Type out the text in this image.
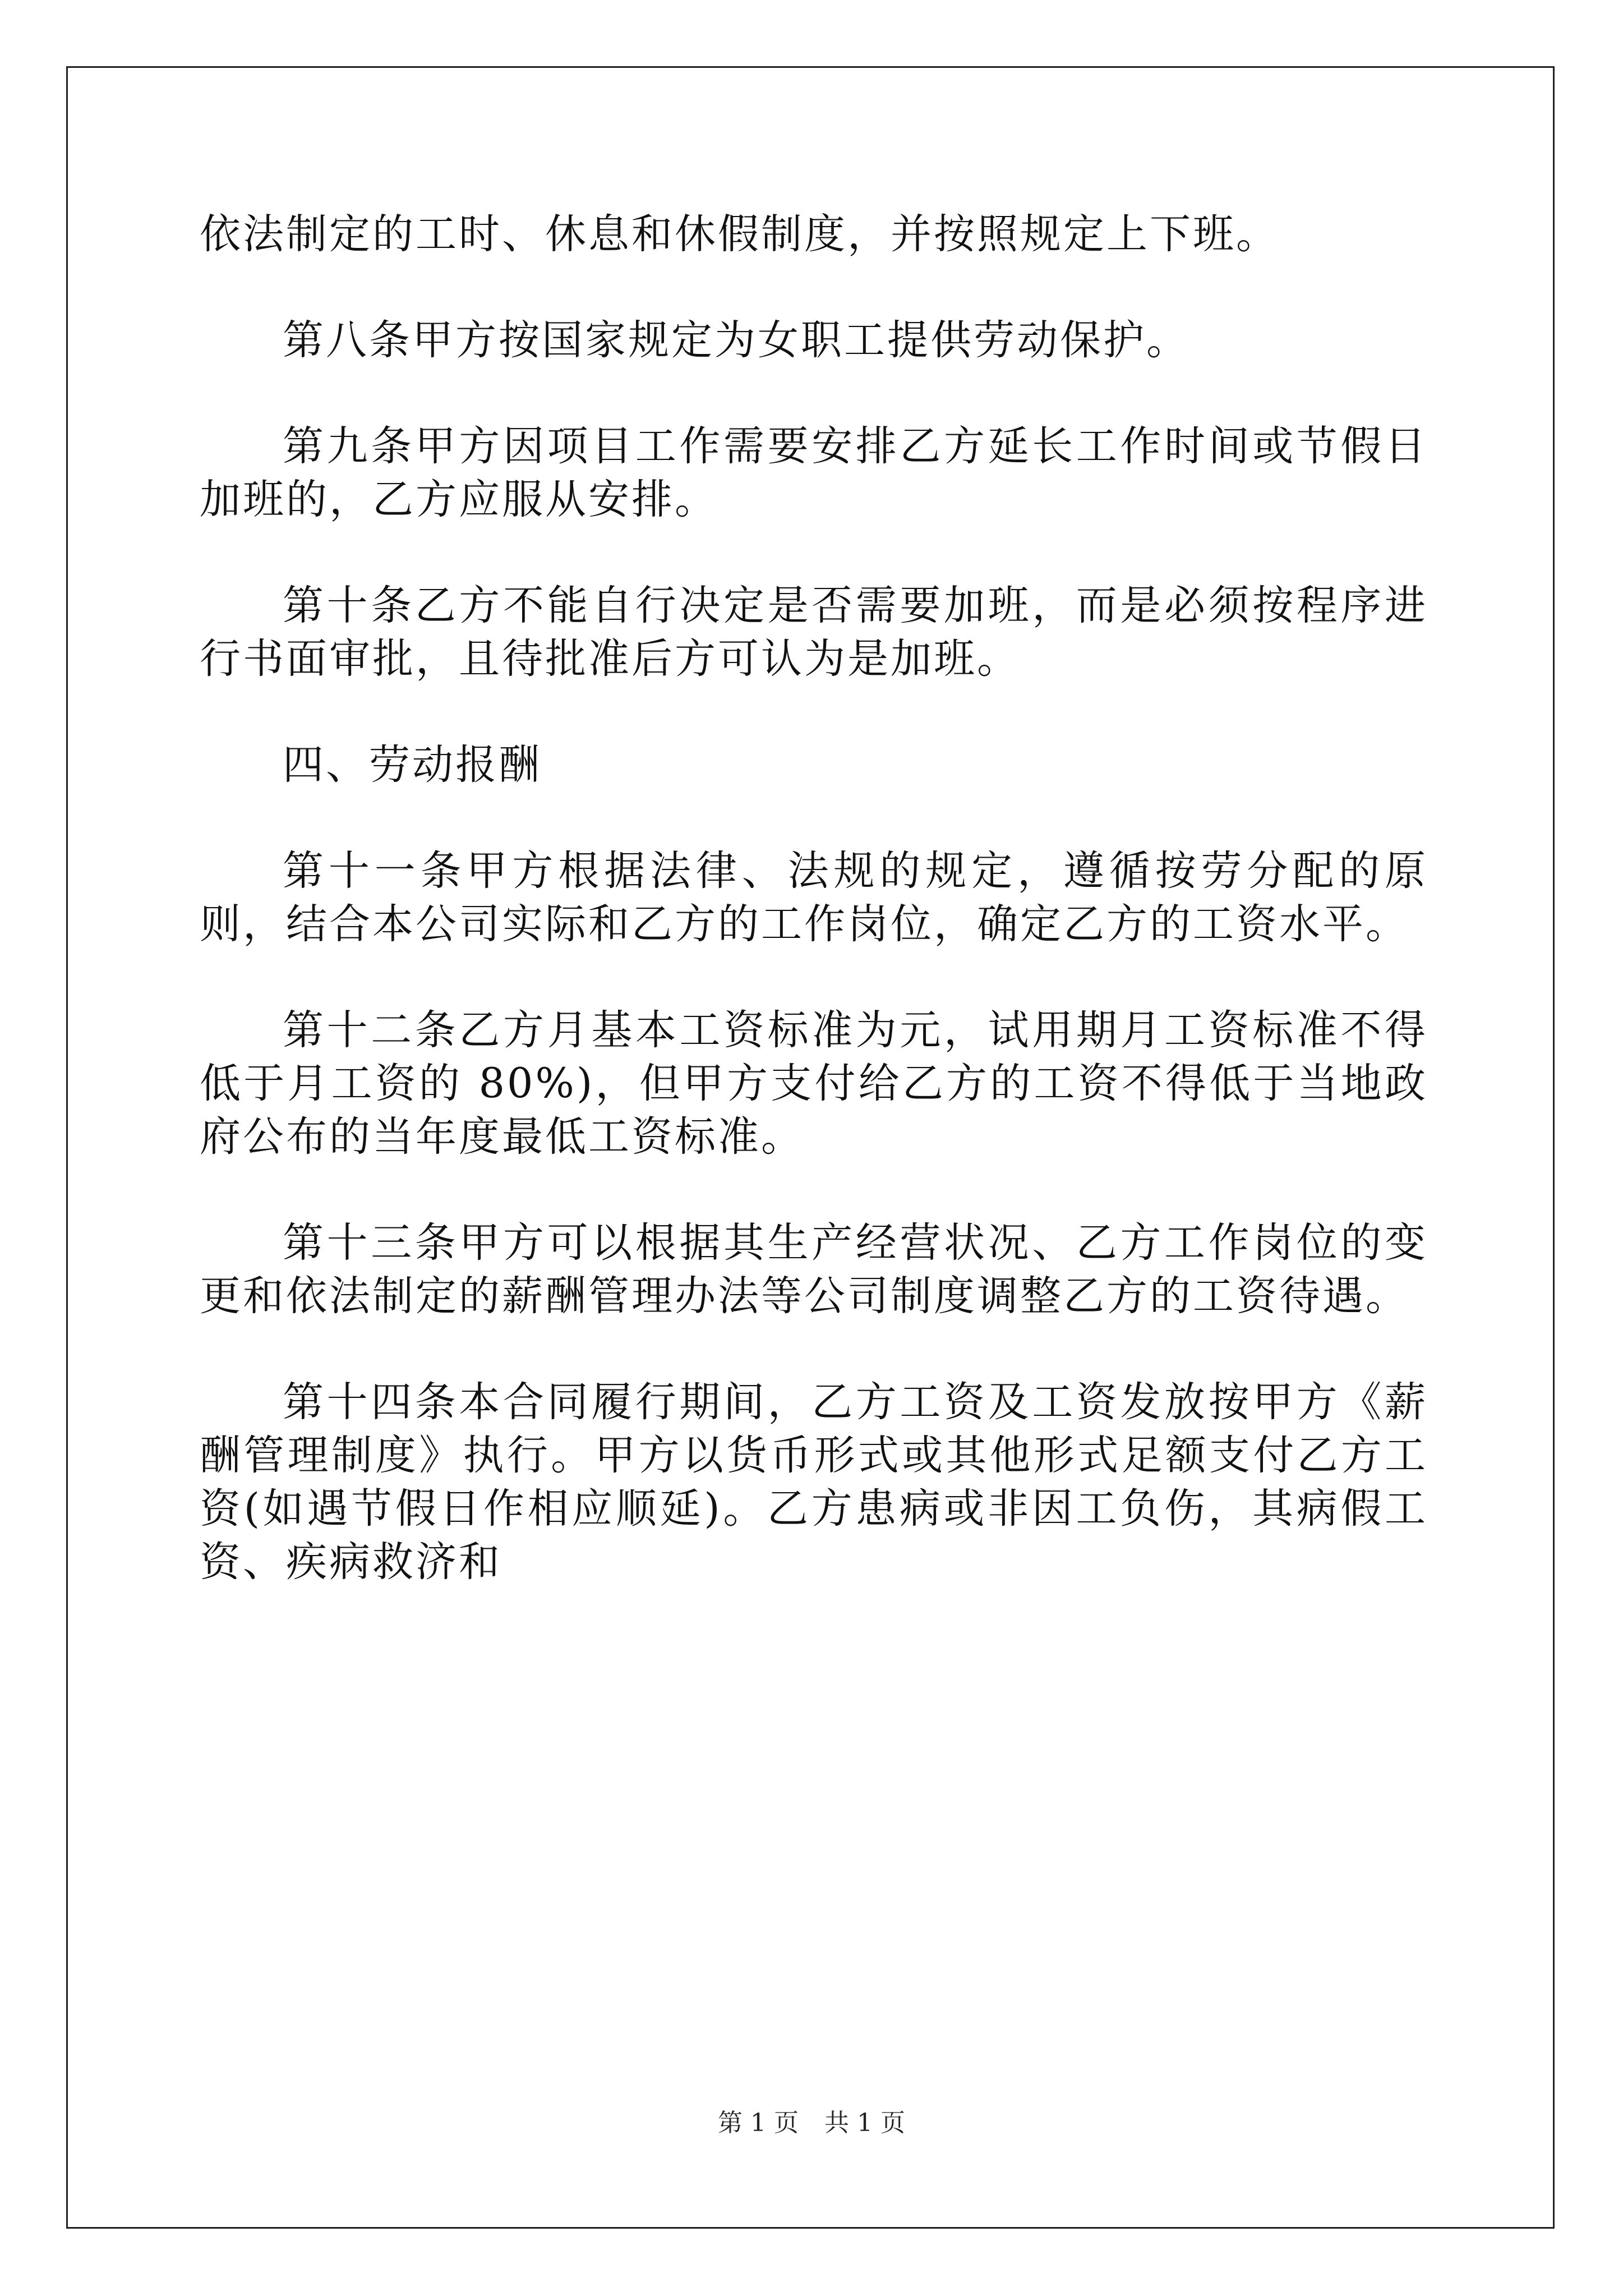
依法制定的工时、休息和休假制度，并按照规定上下班。

第八条甲方按国家规定为女职工提供劳动保护。

第九条甲方因项目工作需要安排乙方延长工作时间或节假日加班的，乙方应服从安排。

第十条乙方不能自行决定是否需要加班，而是必须按程序进行书面审批，且待批准后方可认为是加班。

四、劳动报酬

第十一条甲方根据法律、法规的规定，遵循按劳分配的原则，结合本公司实际和乙方的工作岗位，确定乙方的工资水平。

第十二条乙方月基本工资标准为元，试用期月工资标准不得低于月工资的 80%)，但甲方支付给乙方的工资不得低于当地政府公布的当年度最低工资标准。

第十三条甲方可以根据其生产经营状况、乙方工作岗位的变更和依法制定的薪酬管理办法等公司制度调整乙方的工资待遇。

第十四条本合同履行期间，乙方工资及工资发放按甲方《薪酬管理制度》执行。甲方以货币形式或其他形式足额支付乙方工资(如遇节假日作相应顺延)。乙方患病或非因工负伤，其病假工资、疾病救济和

第 1 页 共 1 页
